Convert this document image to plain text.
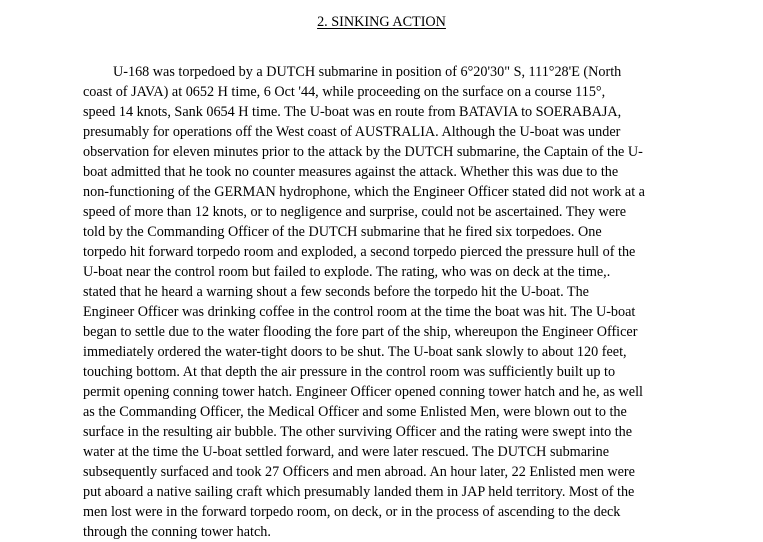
2. SINKING ACTION
U-168 was torpedoed by a DUTCH submarine in position of 6°20'30" S, 111°28'E (North
coast of JAVA) at 0652 H time, 6 Oct '44, while proceeding on the surface on a course 115°,
speed 14 knots, Sank 0654 H time. The U-boat was en route from BATAVIA to SOERABAJA,
presumably for operations off the West coast of AUSTRALIA. Although the U-boat was under
observation for eleven minutes prior to the attack by the DUTCH submarine, the Captain of the U-
boat admitted that he took no counter measures against the attack. Whether this was due to the
non-functioning of the GERMAN hydrophone, which the Engineer Officer stated did not work at a
speed of more than 12 knots, or to negligence and surprise, could not be ascertained. They were
told by the Commanding Officer of the DUTCH submarine that he fired six torpedoes. One
torpedo hit forward torpedo room and exploded, a second torpedo pierced the pressure hull of the
U-boat near the control room but failed to explode. The rating, who was on deck at the time,.
stated that he heard a warning shout a few seconds before the torpedo hit the U-boat. The
Engineer Officer was drinking coffee in the control room at the time the boat was hit. The U-boat
began to settle due to the water flooding the fore part of the ship, whereupon the Engineer Officer
immediately ordered the water-tight doors to be shut. The U-boat sank slowly to about 120 feet,
touching bottom. At that depth the air pressure in the control room was sufficiently built up to
permit opening conning tower hatch. Engineer Officer opened conning tower hatch and he, as well
as the Commanding Officer, the Medical Officer and some Enlisted Men, were blown out to the
surface in the resulting air bubble. The other surviving Officer and the rating were swept into the
water at the time the U-boat settled forward, and were later rescued. The DUTCH submarine
subsequently surfaced and took 27 Officers and men abroad. An hour later, 22 Enlisted men were
put aboard a native sailing craft which presumably landed them in JAP held territory. Most of the
men lost were in the forward torpedo room, on deck, or in the process of ascending to the deck
through the conning tower hatch.
